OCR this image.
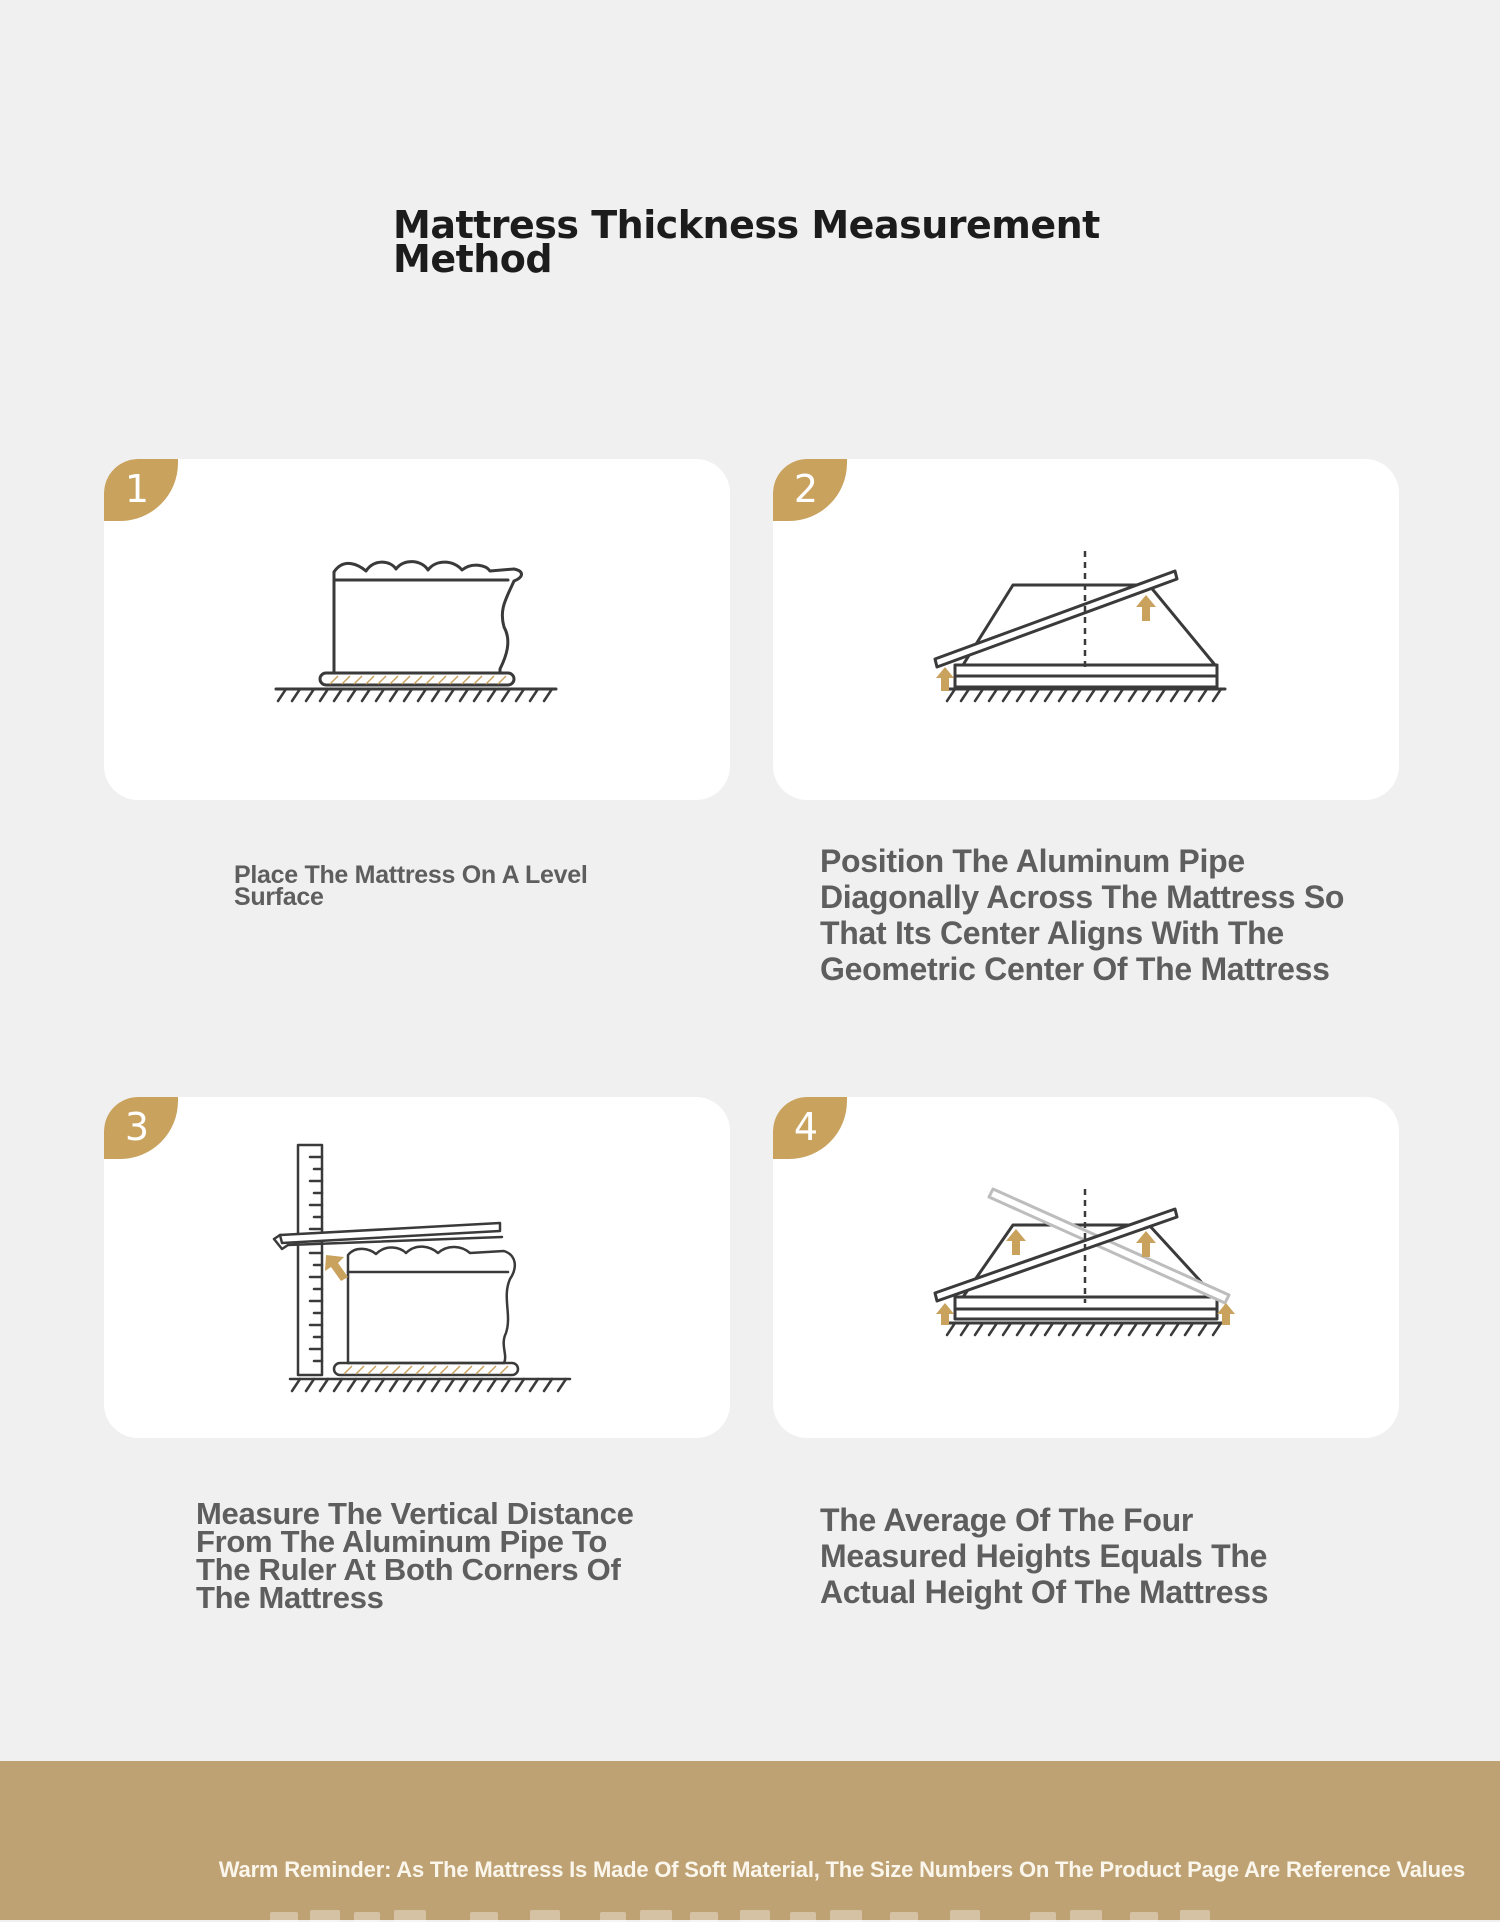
Mattress Thickness Measurement Method
1	2
3	4
Place The Mattress On A Level Surface
Position The Aluminum Pipe Diagonally Across The Mattress So That Its Center Aligns With The Geometric Center Of The Mattress
Measure The Vertical Distance From The Aluminum Pipe To The Ruler At Both Corners Of The Mattress
The Average Of The Four Measured Heights Equals The Actual Height Of The Mattress
Warm Reminder: As The Mattress Is Made Of Soft Material, The Size Numbers On The Product Page Are Reference Values
